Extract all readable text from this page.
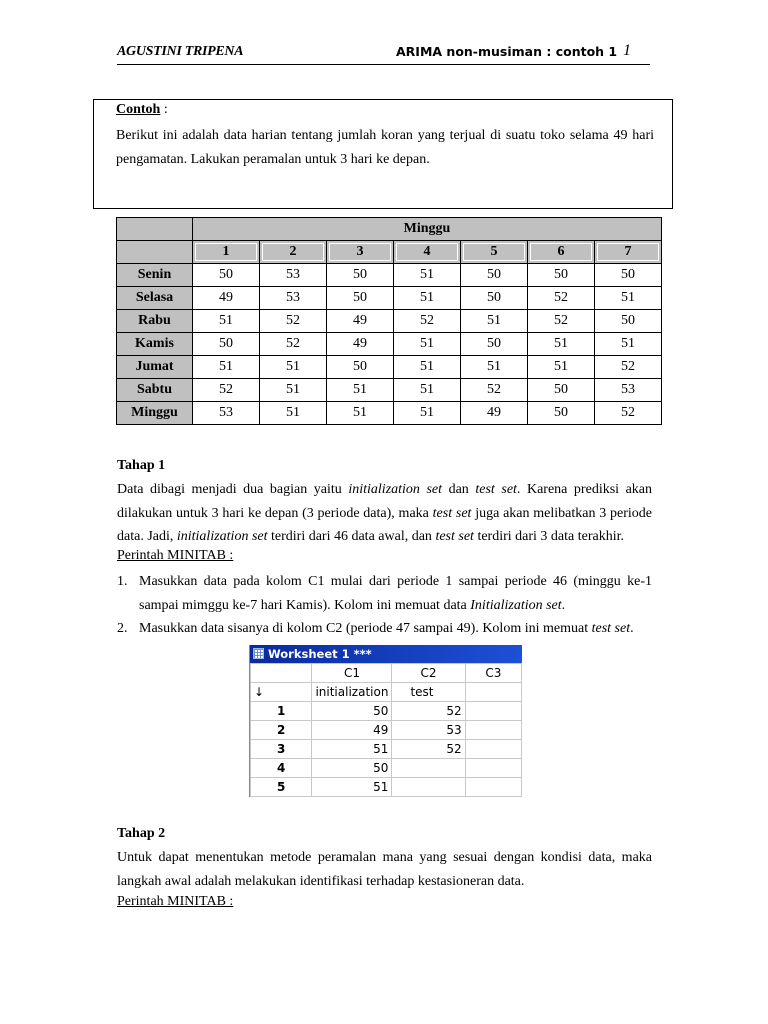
AGUSTINI TRIPENA	ARIMA non-musiman : contoh 1 1
Contoh :
Berikut ini adalah data harian tentang jumlah koran yang terjual di suatu toko selama 49 hari pengamatan. Lakukan peramalan untuk 3 hari ke depan.
	Minggu						
	1	2	3	4	5	6	7
Senin	50	53	50	51	50	50	50
Selasa	49	53	50	51	50	52	51
Rabu	51	52	49	52	51	52	50
Kamis	50	52	49	51	50	51	51
Jumat	51	51	50	51	51	51	52
Sabtu	52	51	51	51	52	50	53
Minggu	53	51	51	51	49	50	52
Tahap 1
Data dibagi menjadi dua bagian yaitu initialization set dan test set. Karena prediksi akan dilakukan untuk 3 hari ke depan (3 periode data), maka test set juga akan melibatkan 3 periode data. Jadi, initialization set terdiri dari 46 data awal, dan test set terdiri dari 3 data terakhir.
Perintah MINITAB :
1. Masukkan data pada kolom C1 mulai dari periode 1 sampai periode 46 (minggu ke-1 sampai mimggu ke-7 hari Kamis). Kolom ini memuat data Initialization set.
2. Masukkan data sisanya di kolom C2 (periode 47 sampai 49). Kolom ini memuat test set.
Worksheet 1 ***
	C1	C2	C3
↓	initialization	test	
1	50	52	
2	49	53	
3	51	52	
4	50		
5	51		
Tahap 2
Untuk dapat menentukan metode peramalan mana yang sesuai dengan kondisi data, maka langkah awal adalah melakukan identifikasi terhadap kestasioneran data.
Perintah MINITAB :
